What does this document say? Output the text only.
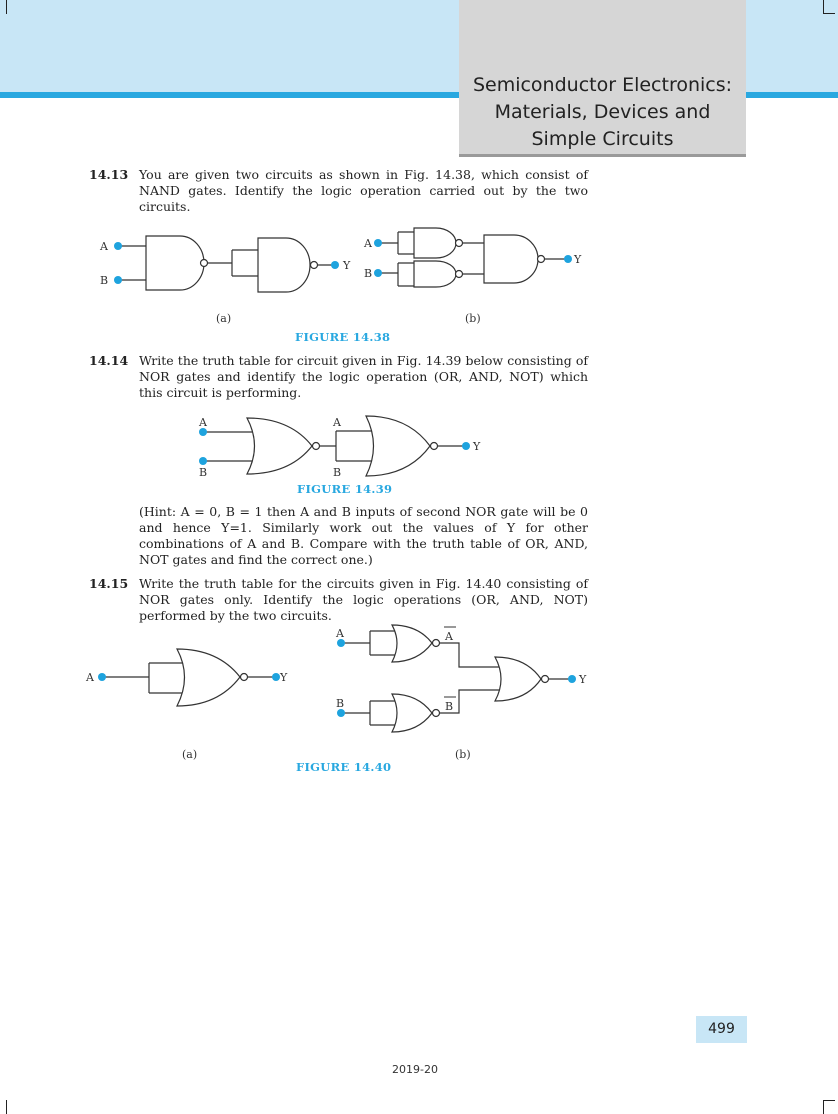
Semiconductor Electronics:
Materials, Devices and
Simple Circuits
14.13 You are given two circuits as shown in Fig. 14.38, which consist of NAND gates. Identify the logic operation carried out by the two circuits.
A
B
Y
A
B
Y
(a)	(b)
FIGURE 14.38
14.14 Write the truth table for circuit given in Fig. 14.39 below consisting of NOR gates and identify the logic operation (OR, AND, NOT) which this circuit is performing.
A
B
A
B
Y
FIGURE 14.39
(Hint: A = 0, B = 1 then A and B inputs of second NOR gate will be 0 and hence Y=1. Similarly work out the values of Y for other combinations of A and B. Compare with the truth table of OR, AND, NOT gates and find the correct one.)
14.15 Write the truth table for the circuits given in Fig. 14.40 consisting of NOR gates only. Identify the logic operations (OR, AND, NOT) performed by the two circuits.
A	Y
A
B
A
B
Y
(a)	(b)
FIGURE 14.40
499
2019-20
